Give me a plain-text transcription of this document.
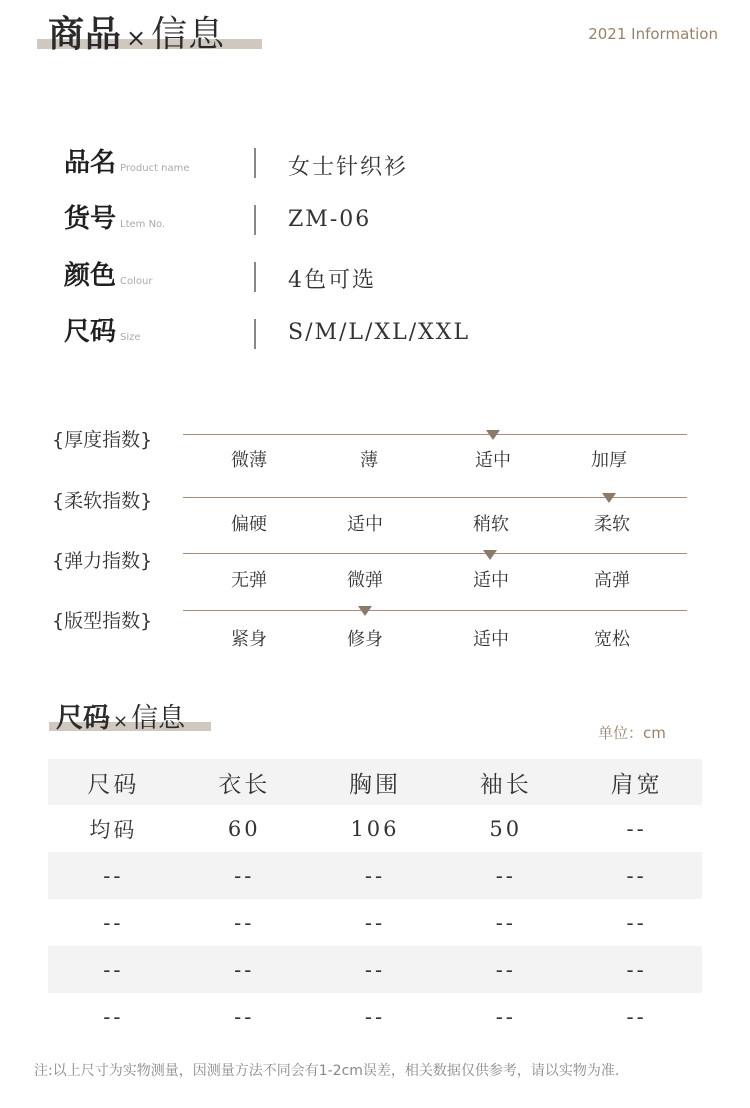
商品 × 信息	2021 Information
品名 Product name	女士针织衫
货号 Ltem No.	ZM-06
颜色 Colour	4色可选
尺码 Size	S/M/L/XL/XXL
{厚度指数}
微薄	薄	适中	加厚
{柔软指数}
偏硬	适中	稍软	柔软
{弹力指数}
无弹	微弹	适中	高弹
{版型指数}
紧身	修身	适中	宽松
尺码 × 信息	单位：cm
尺码	衣长	胸围	袖长	肩宽
均码	60	106	50	--
--	--	--	--	--
--	--	--	--	--
--	--	--	--	--
--	--	--	--	--
注:以上尺寸为实物测量，因测量方法不同会有1-2cm误差，相关数据仅供参考，请以实物为准.
